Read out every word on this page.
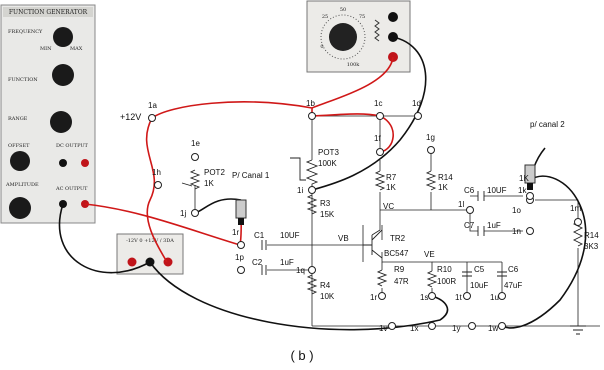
FUNCTION GENERATOR
FREQUENCY
MIN	MAX
FUNCTION
RANGE
OFFSET	DC OUTPUT
AMPLITUDE
AC OUTPUT
-12V 0 +12V / 3DA
25
50
75
0
100k
+12V
1a	1b	1c	1d
1e
1h
1j
1i
1f	1g
1r
1p
1q
1l
1k
1m
1n
1o
1s	1t	1u
1v	1x	1y	1w
1r
P/ Canal 1
p/ canal 2
POT2
1K
POT3
100K
R3
15K
R4
10K
R7
1K
R14
1K
C1 10UF
C2 1uF
TR2
BC547
R9
47R
R10
100R
C5
10uF
C6
47uF
C6 10UF
C7 1uF
R14
3K3
VB
VC
VE
1K
( b )
